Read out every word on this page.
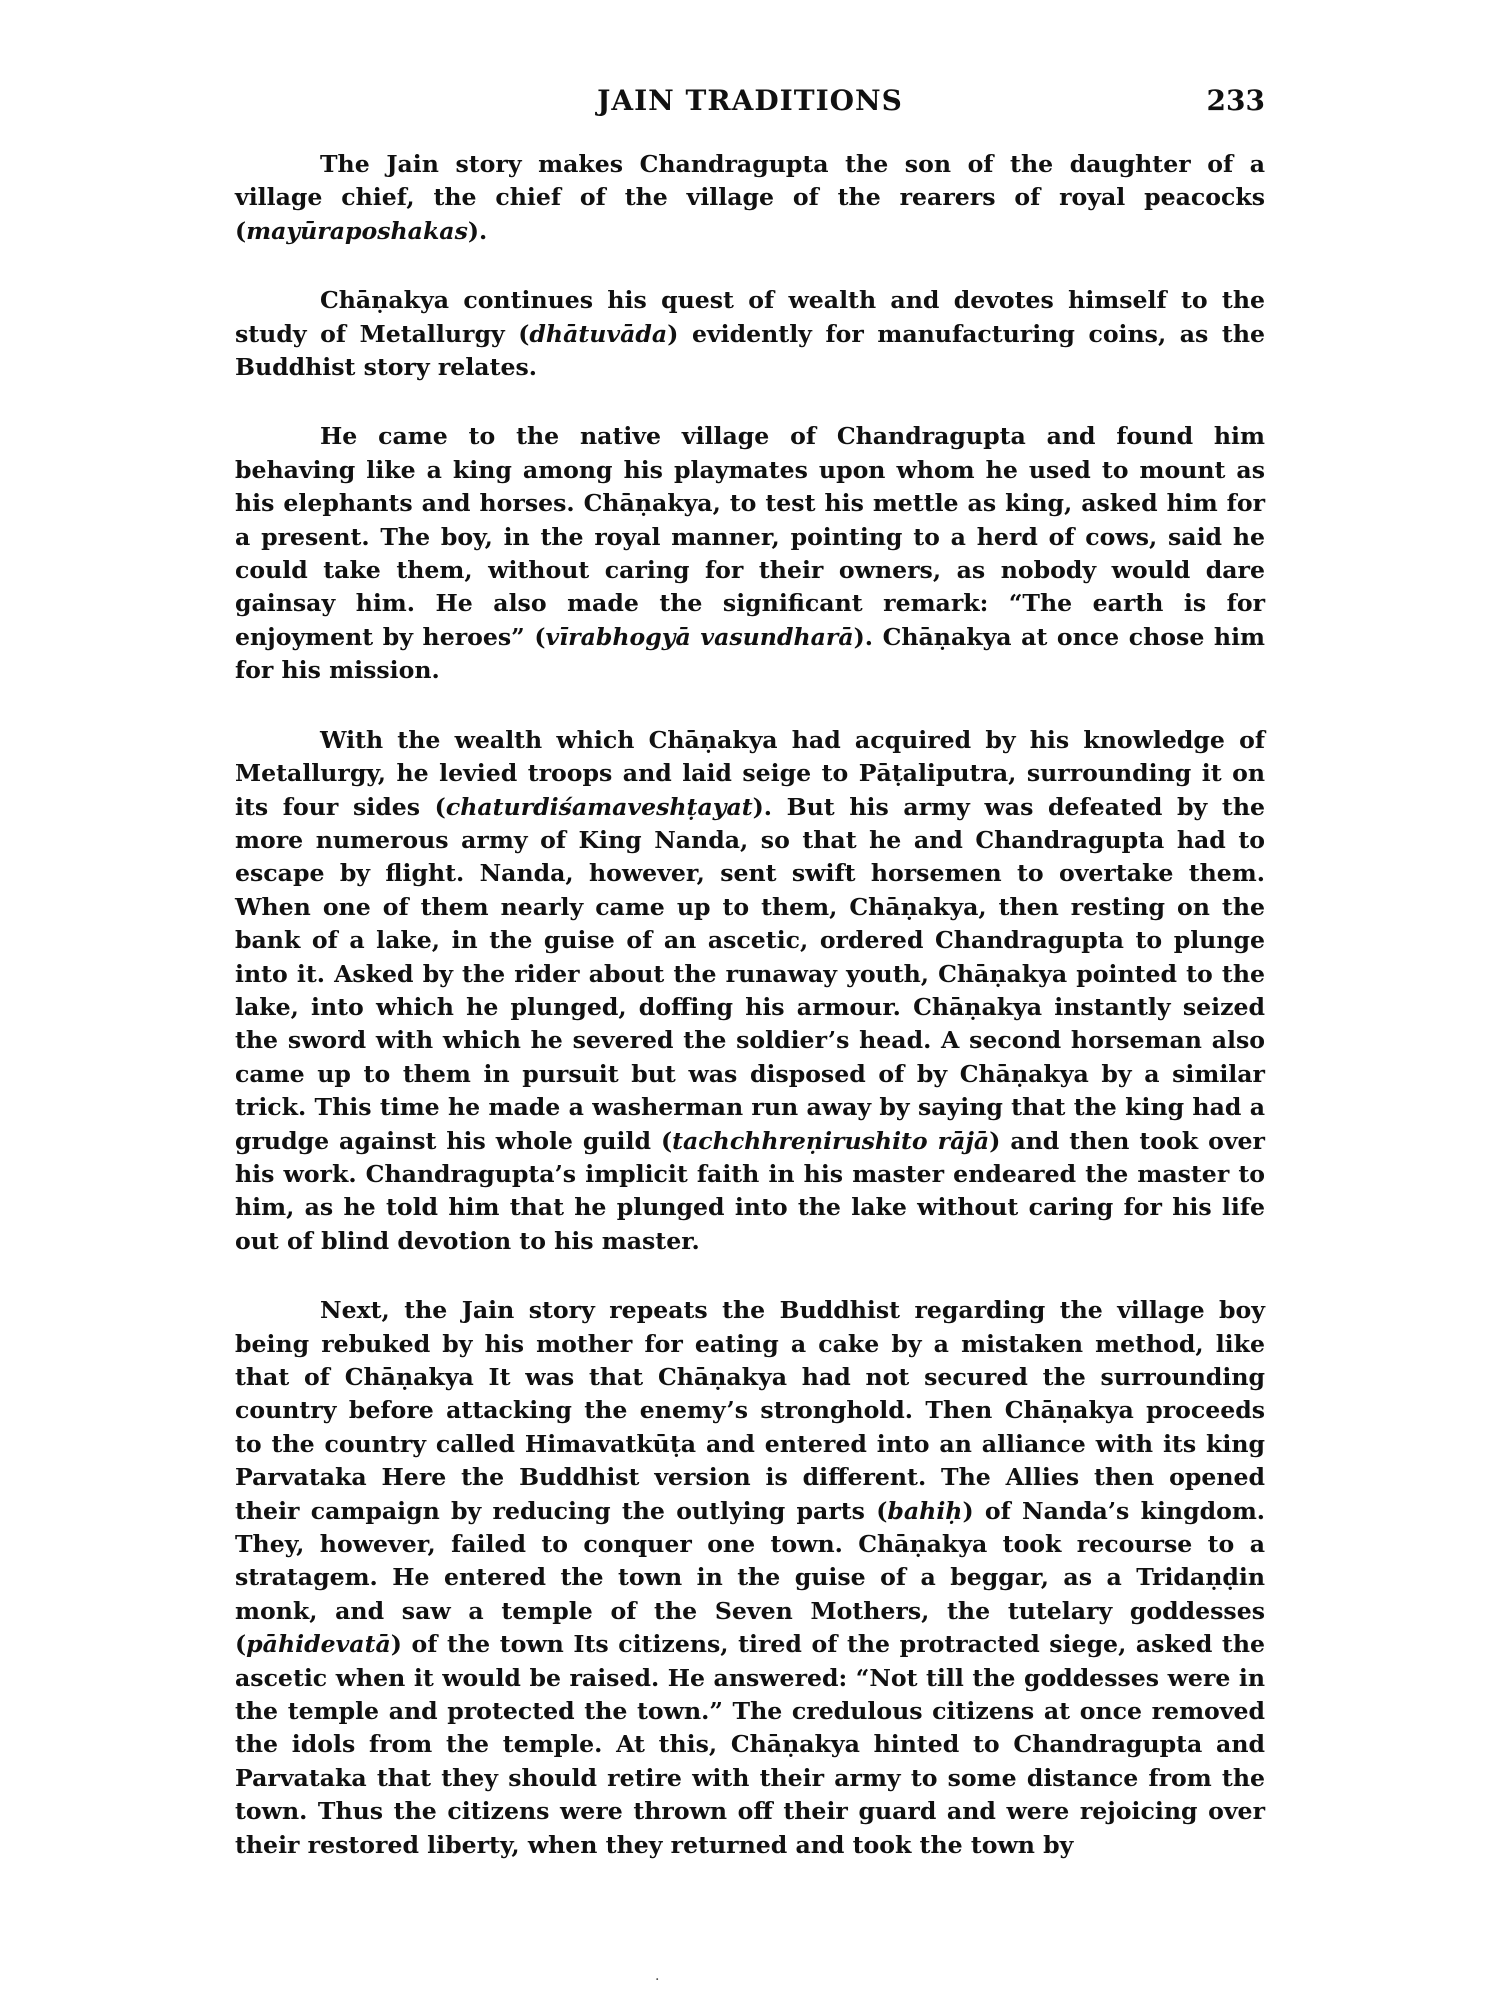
JAIN TRADITIONS	233

The Jain story makes Chandragupta the son of the daughter of a village chief, the chief of the village of the rearers of royal peacocks (mayūraposhakas).

Chāṇakya continues his quest of wealth and devotes himself to the study of Metallurgy (dhātuvāda) evidently for manufacturing coins, as the Buddhist story relates.

He came to the native village of Chandragupta and found him behaving like a king among his playmates upon whom he used to mount as his elephants and horses. Chāṇakya, to test his mettle as king, asked him for a present. The boy, in the royal manner, pointing to a herd of cows, said he could take them, without caring for their owners, as nobody would dare gainsay him. He also made the significant remark: “The earth is for enjoyment by heroes” (vīrabhogyā vasundharā). Chāṇakya at once chose him for his mission.

With the wealth which Chāṇakya had acquired by his knowledge of Metallurgy, he levied troops and laid seige to Pāṭaliputra, surrounding it on its four sides (chaturdiśamaveshṭayat). But his army was defeated by the more numerous army of King Nanda, so that he and Chandragupta had to escape by flight. Nanda, however, sent swift horsemen to overtake them. When one of them nearly came up to them, Chāṇakya, then resting on the bank of a lake, in the guise of an ascetic, ordered Chandragupta to plunge into it. Asked by the rider about the runaway youth, Chāṇakya pointed to the lake, into which he plunged, doffing his armour. Chāṇakya instantly seized the sword with which he severed the soldier’s head. A second horseman also came up to them in pursuit but was disposed of by Chāṇakya by a similar trick. This time he made a washerman run away by saying that the king had a grudge against his whole guild (tachchhreṇirushito rājā) and then took over his work. Chandragupta’s implicit faith in his master endeared the master to him, as he told him that he plunged into the lake without caring for his life out of blind devotion to his master.

Next, the Jain story repeats the Buddhist regarding the village boy being rebuked by his mother for eating a cake by a mistaken method, like that of Chāṇakya It was that Chāṇakya had not secured the surrounding country before attacking the enemy’s stronghold. Then Chāṇakya proceeds to the country called Himavatkūṭa and entered into an alliance with its king Parvataka Here the Buddhist version is different. The Allies then opened their campaign by reducing the outlying parts (bahiḥ) of Nanda’s kingdom. They, however, failed to conquer one town. Chāṇakya took recourse to a stratagem. He entered the town in the guise of a beggar, as a Tridaṇḍin monk, and saw a temple of the Seven Mothers, the tutelary goddesses (pāhidevatā) of the town Its citizens, tired of the protracted siege, asked the ascetic when it would be raised. He answered: “Not till the goddesses were in the temple and protected the town.” The credulous citizens at once removed the idols from the temple. At this, Chāṇakya hinted to Chandragupta and Parvataka that they should retire with their army to some distance from the town. Thus the citizens were thrown off their guard and were rejoicing over their restored liberty, when they returned and took the town by

·
